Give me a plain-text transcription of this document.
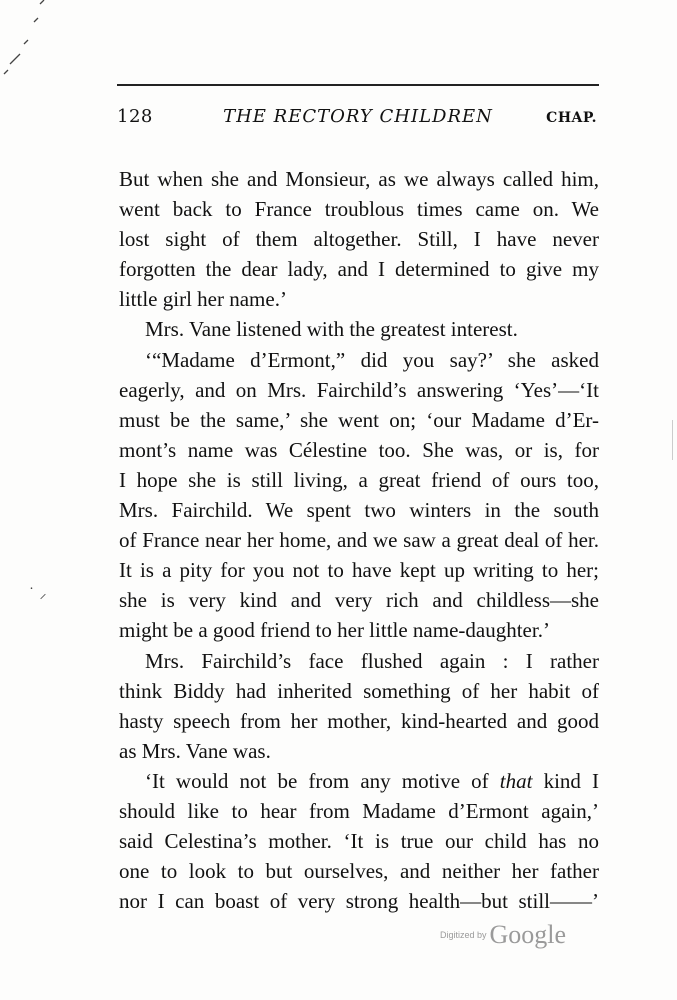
128	THE RECTORY CHILDREN	CHAP.
But when she and Monsieur, as we always called him,
went back to France troublous times came on. We
lost sight of them altogether. Still, I have never
forgotten the dear lady, and I determined to give my
little girl her name.’
Mrs. Vane listened with the greatest interest.
‘“Madame d’Ermont,” did you say?’ she asked
eagerly, and on Mrs. Fairchild’s answering ‘Yes’—‘It
must be the same,’ she went on; ‘our Madame d’Er-
mont’s name was Célestine too. She was, or is, for
I hope she is still living, a great friend of ours too,
Mrs. Fairchild. We spent two winters in the south
of France near her home, and we saw a great deal of her.
It is a pity for you not to have kept up writing to her;
she is very kind and very rich and childless—she
might be a good friend to her little name-daughter.’
Mrs. Fairchild’s face flushed again : I rather
think Biddy had inherited something of her habit of
hasty speech from her mother, kind-hearted and good
as Mrs. Vane was.
‘It would not be from any motive of that kind I
should like to hear from Madame d’Ermont again,’
said Celestina’s mother. ‘It is true our child has no
one to look to but ourselves, and neither her father
nor I can boast of very strong health—but still——’
˙ ⸝
Digitized by Google
